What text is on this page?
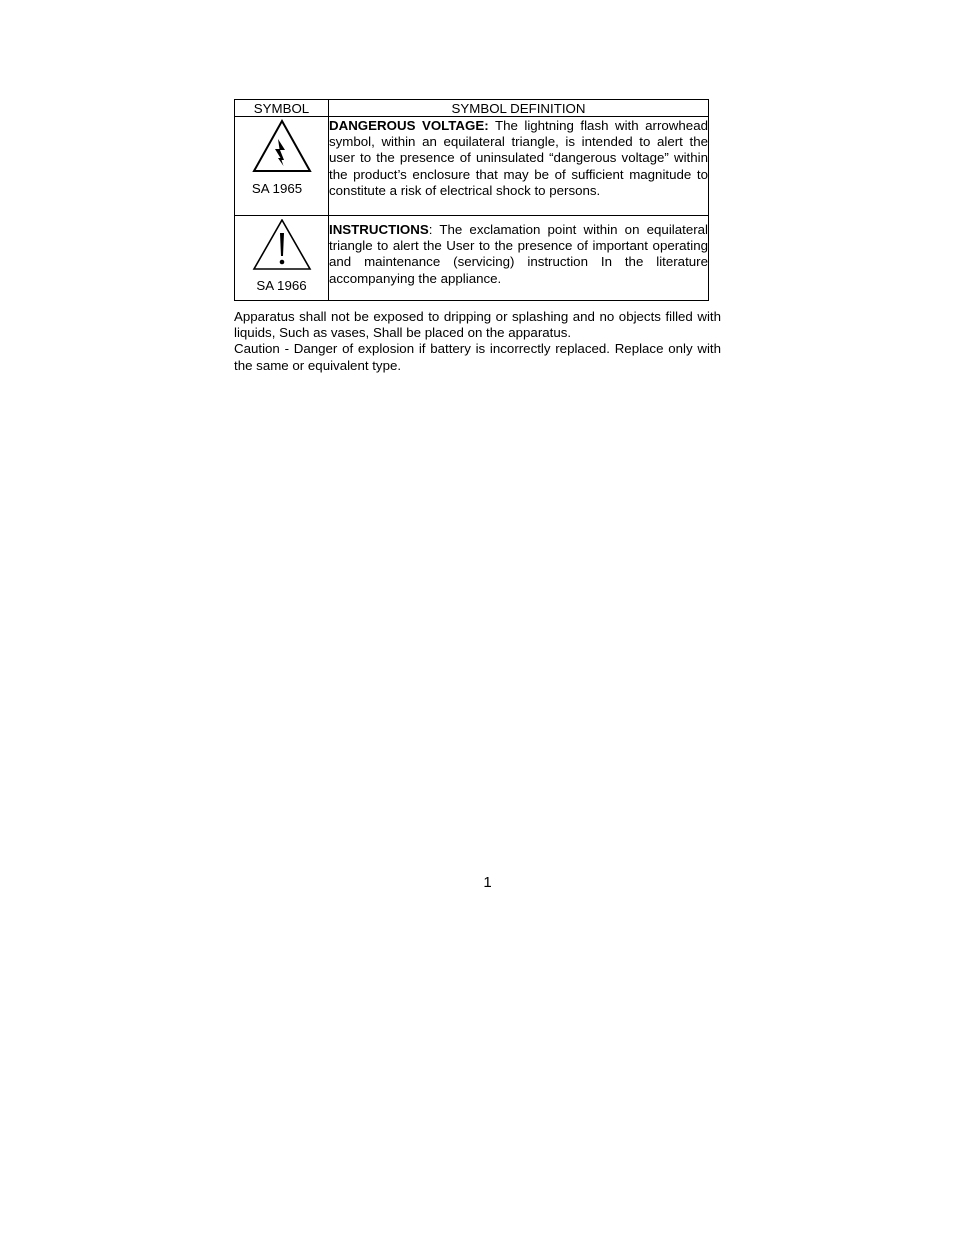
SYMBOL	SYMBOL DEFINITION

SA 1965	DANGEROUS VOLTAGE: The lightning flash with arrowhead symbol, within an equilateral triangle, is intended to alert the user to the presence of uninsulated “dangerous voltage” within the product’s enclosure that may be of sufficient magnitude to constitute a risk of electrical shock to persons.

SA 1966	INSTRUCTIONS: The exclamation point within on equilateral triangle to alert the User to the presence of important operating and maintenance (servicing) instruction In the literature accompanying the appliance.

Apparatus shall not be exposed to dripping or splashing and no objects filled with liquids, Such as vases, Shall be placed on the apparatus.

Caution - Danger of explosion if battery is incorrectly replaced. Replace only with the same or equivalent type.

1
